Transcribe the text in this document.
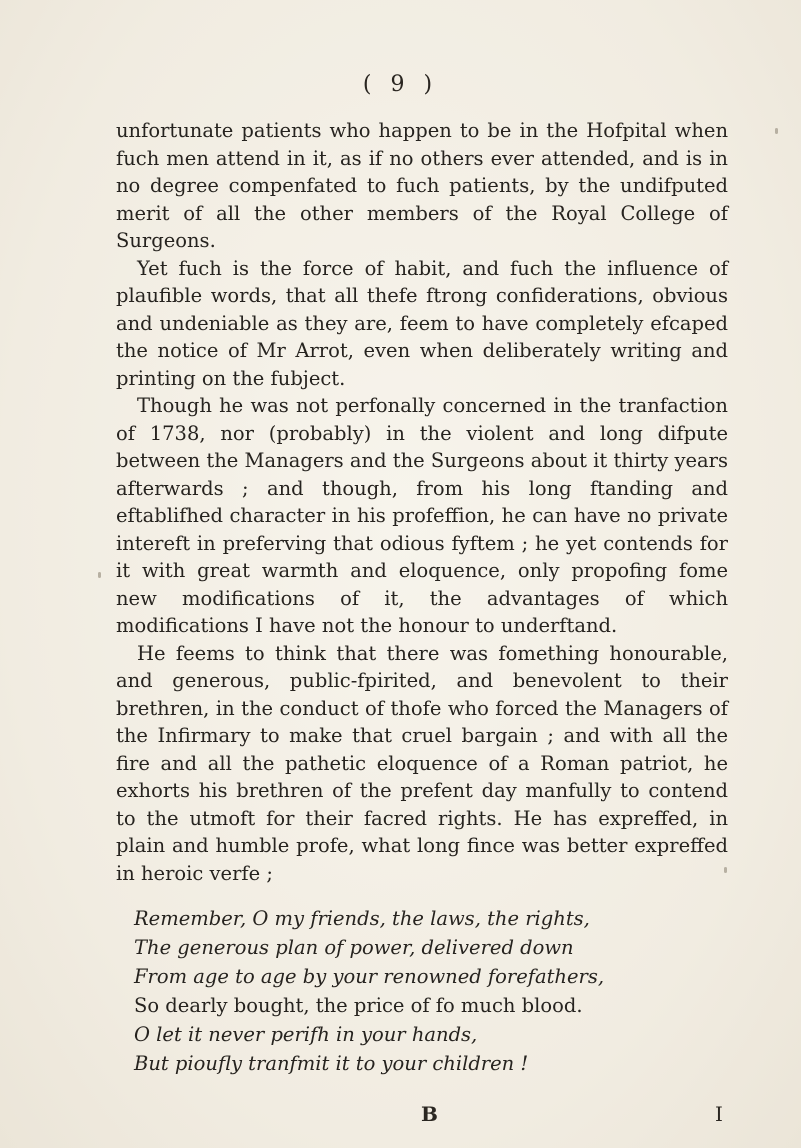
( 9 )

unfortunate patients who happen to be in the Hofpital when fuch men attend in it, as if no others ever attended, and is in no degree compenfated to fuch patients, by the undifputed merit of all the other members of the Royal College of Surgeons.

Yet fuch is the force of habit, and fuch the influence of plaufible words, that all thefe ftrong confiderations, obvious and undeniable as they are, feem to have completely efcaped the notice of Mr Arrot, even when deliberately writing and printing on the fubject.

Though he was not perfonally concerned in the tranfaction of 1738, nor (probably) in the violent and long difpute between the Managers and the Surgeons about it thirty years afterwards ; and though, from his long ftanding and eftablifhed character in his profeffion, he can have no private intereft in preferving that odious fyftem ; he yet contends for it with great warmth and eloquence, only propofing fome new modifications of it, the advantages of which modifications I have not the honour to underftand.

He feems to think that there was fomething honourable, and generous, public-fpirited, and benevolent to their brethren, in the conduct of thofe who forced the Managers of the Infirmary to make that cruel bargain ; and with all the fire and all the pathetic eloquence of a Roman patriot, he exhorts his brethren of the prefent day manfully to contend to the utmoft for their facred rights. He has expreffed, in plain and humble profe, what long fince was better expreffed in heroic verfe ;

Remember, O my friends, the laws, the rights,
The generous plan of power, delivered down
From age to age by your renowned forefathers,
So dearly bought, the price of fo much blood.
O let it never perifh in your hands,
But pioufly tranfmit it to your children !
B	I
